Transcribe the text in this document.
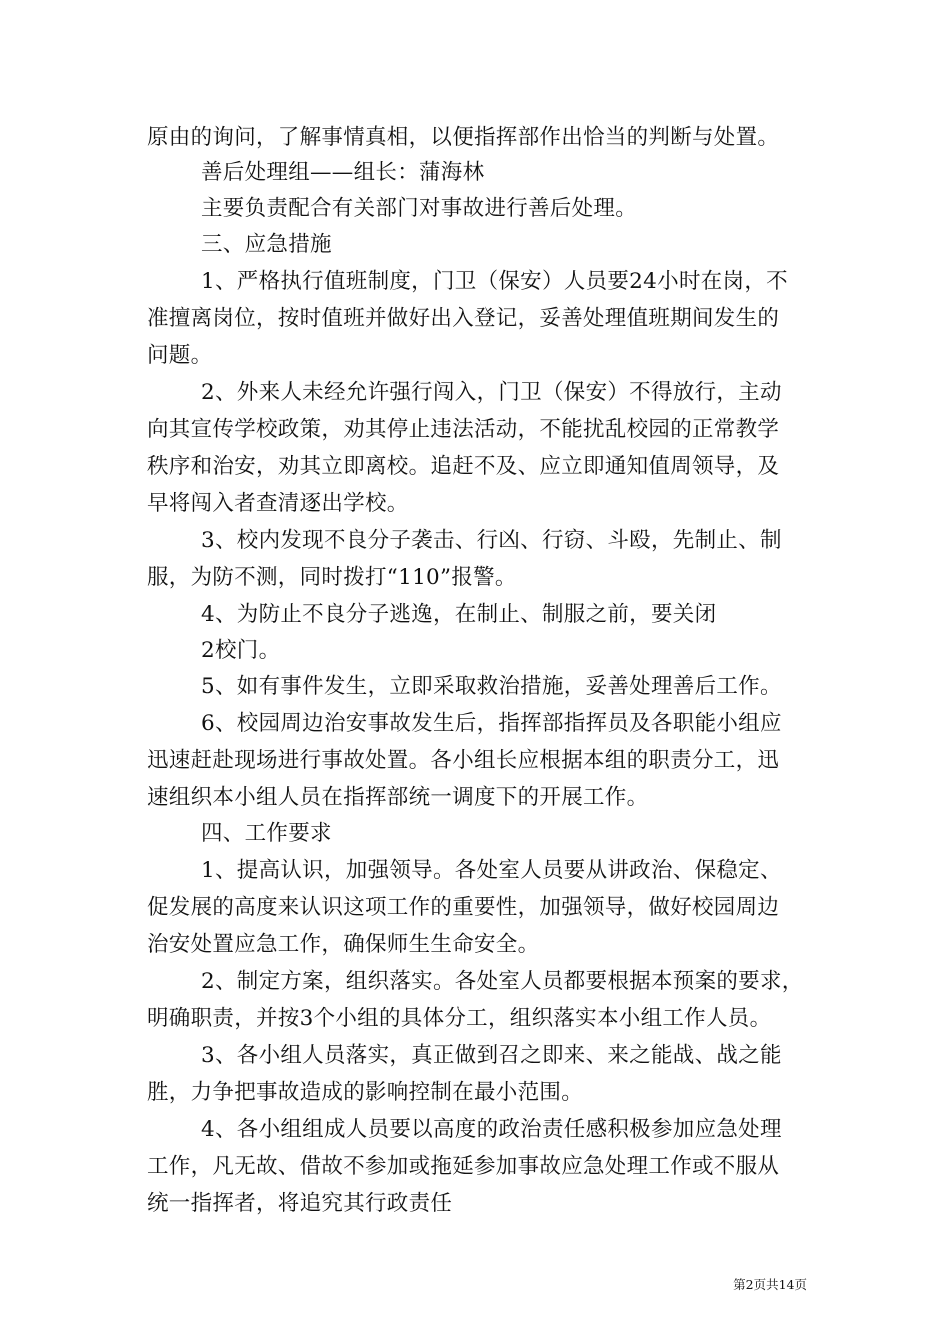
原由的询问，了解事情真相，以便指挥部作出恰当的判断与处置。
善后处理组——组长：蒲海林
主要负责配合有关部门对事故进行善后处理。
三、应急措施
1、严格执行值班制度，门卫（保安）人员要24小时在岗，不
准擅离岗位，按时值班并做好出入登记，妥善处理值班期间发生的
问题。
2、外来人未经允许强行闯入，门卫（保安）不得放行，主动
向其宣传学校政策，劝其停止违法活动，不能扰乱校园的正常教学
秩序和治安，劝其立即离校。追赶不及、应立即通知值周领导，及
早将闯入者查清逐出学校。
3、校内发现不良分子袭击、行凶、行窃、斗殴，先制止、制
服，为防不测，同时拨打“110”报警。
4、为防止不良分子逃逸，在制止、制服之前，要关闭
2校门。
5、如有事件发生，立即采取救治措施，妥善处理善后工作。
6、校园周边治安事故发生后，指挥部指挥员及各职能小组应
迅速赶赴现场进行事故处置。各小组长应根据本组的职责分工，迅
速组织本小组人员在指挥部统一调度下的开展工作。
四、工作要求
1、提高认识，加强领导。各处室人员要从讲政治、保稳定、
促发展的高度来认识这项工作的重要性，加强领导，做好校园周边
治安处置应急工作，确保师生生命安全。
2、制定方案，组织落实。各处室人员都要根据本预案的要求，
明确职责，并按3个小组的具体分工，组织落实本小组工作人员。
3、各小组人员落实，真正做到召之即来、来之能战、战之能
胜，力争把事故造成的影响控制在最小范围。
4、各小组组成人员要以高度的政治责任感积极参加应急处理
工作，凡无故、借故不参加或拖延参加事故应急处理工作或不服从
统一指挥者，将追究其行政责任
第2页共14页
